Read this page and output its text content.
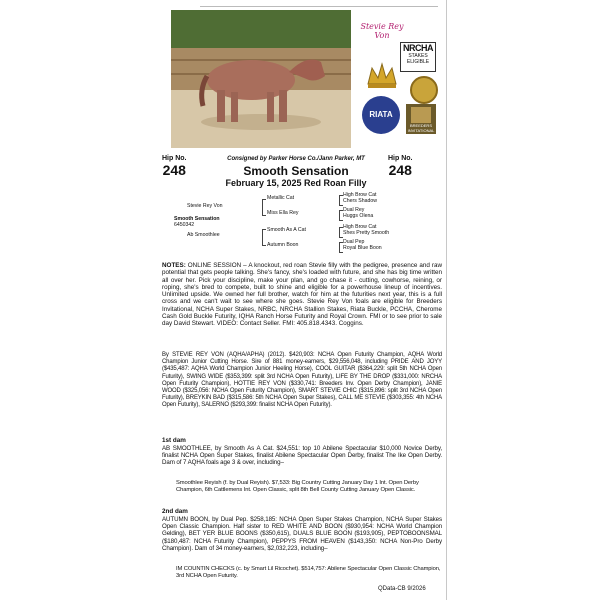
Stevie Rey Von
NRCHA
STAKES
ELIGIBLE
RIATA
BREEDERS INVITATIONAL
Hip No.
248
Hip No.
248
Consigned by Parker Horse Co./Jann Parker, MT
Smooth Sensation
February 15, 2025 Red Roan Filly
Stevie Rey Von
Smooth Sensation
6450342
Ab Smoothlee
Metallic Cat
Miss Ella Rey
Smooth As A Cat
Autumn Boon
High Brow Cat
Chers Shadow
Dual Rey
Huggs Olena
High Brow Cat
Shes Pretty Smooth
Dual Pep
Royal Blue Boon
NOTES: ONLINE SESSION – A knockout, red roan Stevie filly with the pedigree, presence and raw potential that gets people talking. She's fancy, she's loaded with future, and she has big time written all over her. Pick your discipline, make your plan, and go chase it - cutting, cowhorse, reining, or roping, she's bred to compete, built to shine and eligible for a powerhouse lineup of incentives. Unlimited upside. We owned her full brother, watch for him at the futurities next year, this is a full cross and we can't wait to see where she goes. Stevie Rey Von foals are eligible for Breeders Invitational, NCHA Super Stakes, NRBC, NRCHA Stallion Stakes, Riata Buckle, PCCHA, Cherome Cash Gold Buckle Futurity, IQHA Ranch Horse Futurity and Royal Crown. FMI or to see prior to sale day David Stewart. VIDEO: Contact Seller. FMI: 405.818.4343. Coggins.
By STEVIE REY VON (AQHA/APHA) (2012). $420,903: NCHA Open Futurity Champion, AQHA World Champion Junior Cutting Horse. Sire of 881 money-earners, $29,556,048, including PRIDE AND JOYY ($435,487: AQHA World Champion Junior Heeling Horse), COOL GUITAR ($364,229: split 5th NCHA Open Futurity), SWING WIDE ($353,399: split 3rd NCHA Open Futurity), LIFE BY THE DROP ($331,000: NRCHA Open Futurity Champion), HOTTIE REY VON ($330,741: Breeders Inv. Open Derby Champion), JANIE WOOD ($325,056: NCHA Open Futurity Champion), SMART STEVIE CHIC ($315,896: split 3rd NCHA Open Futurity), BREYKIN BAD ($315,586: 5th NCHA Open Super Stakes), CALL ME STEVIE ($303,355: 4th NCHA Open Futurity), SALERNO ($293,399: finalist NCHA Open Futurity).
1st dam
AB SMOOTHLEE, by Smooth As A Cat. $24,551: top 10 Abilene Spectacular $10,000 Novice Derby, finalist NCHA Open Super Stakes, finalist Abilene Spectacular Open Derby, finalist The Ike Open Derby. Dam of 7 AQHA foals age 3 & over, including–
Smoothlee Reyish (f. by Dual Reyish). $7,533: Big Country Cutting January Day 1 Int. Open Derby Champion, 6th Cattlemens Int. Open Classic, split 8th Bell County Cutting January Open Classic.
2nd dam
AUTUMN BOON, by Dual Pep. $258,185: NCHA Open Super Stakes Champion, NCHA Super Stakes Open Classic Champion. Half sister to RED WHITE AND BOON ($930,954: NCHA World Champion Gelding), BET YER BLUE BOONS ($350,615), DUALS BLUE BOON ($193,905), PEPTOBOONSMAL ($180,487: NCHA Futurity Champion), PEPPYS FROM HEAVEN ($143,350: NCHA Non-Pro Derby Champion). Dam of 34 money-earners, $2,032,223, including–
IM COUNTIN CHECKS (c. by Smart Lil Ricochet). $514,757: Abilene Spectacular Open Classic Champion, 3rd NCHA Open Futurity.
QData-CB 9/2026
